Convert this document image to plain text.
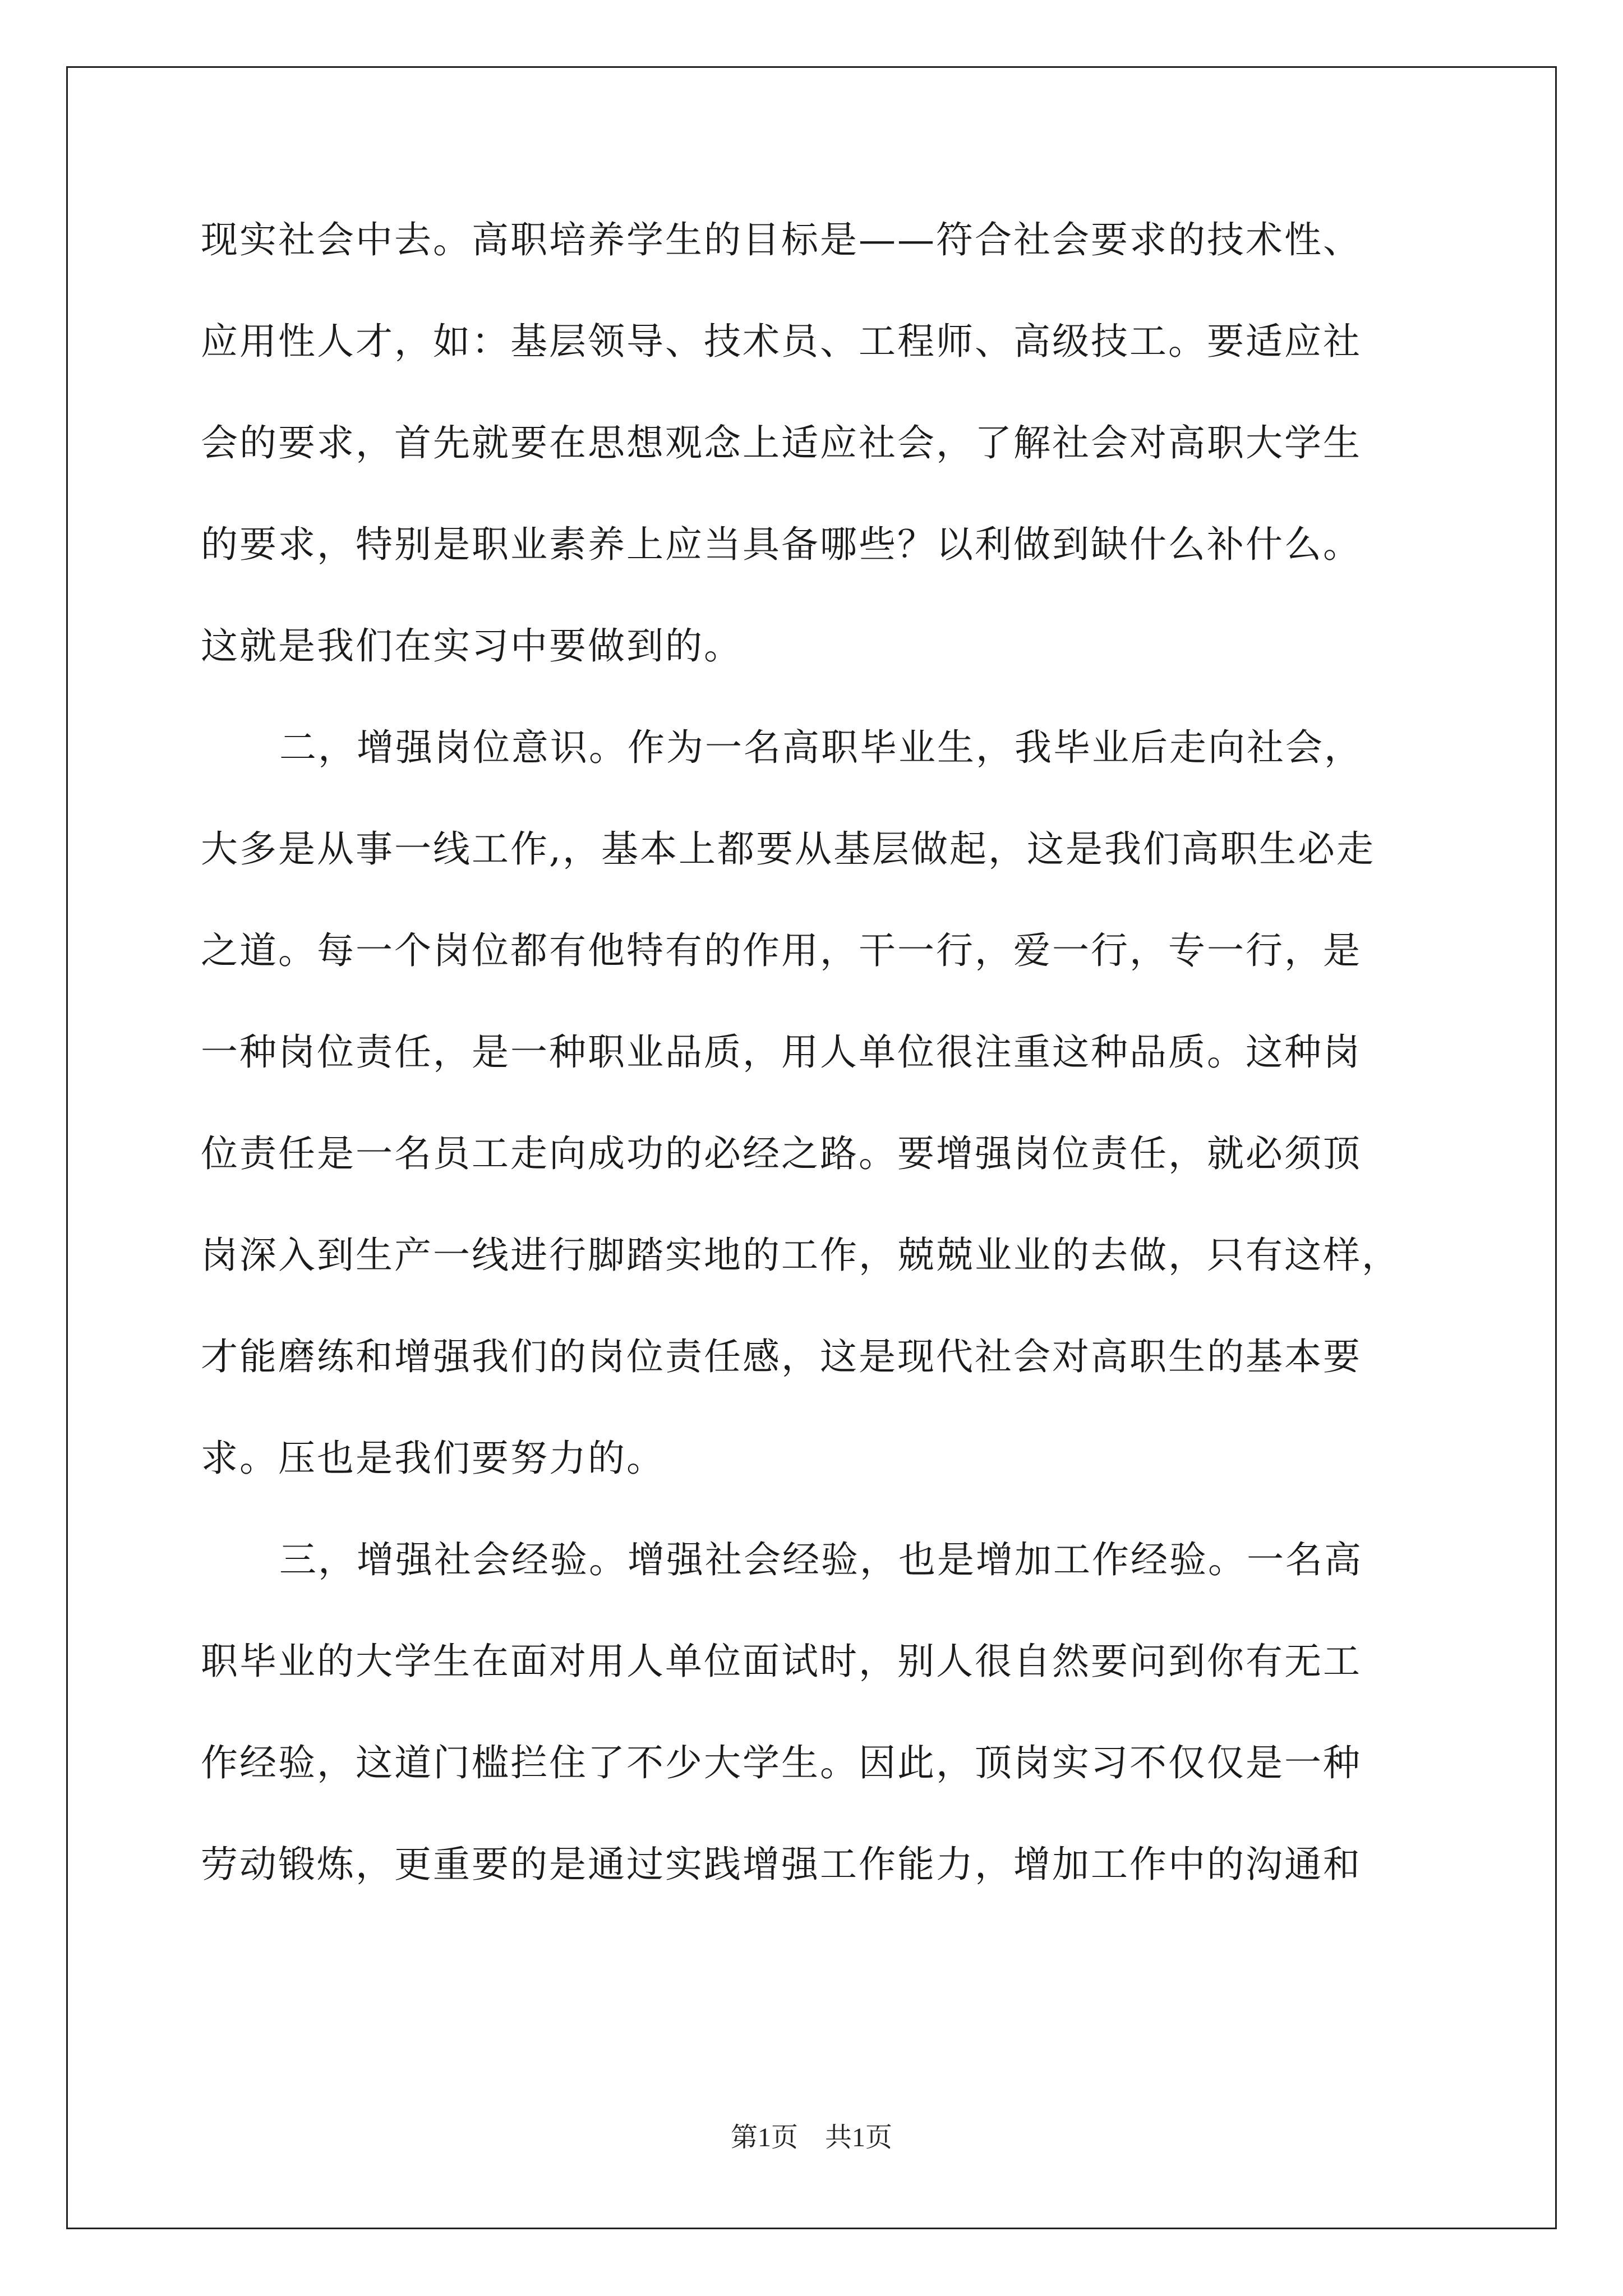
现实社会中去。高职培养学生的目标是——符合社会要求的技术性、
应用性人才，如：基层领导、技术员、工程师、高级技工。要适应社
会的要求，首先就要在思想观念上适应社会，了解社会对高职大学生
的要求，特别是职业素养上应当具备哪些？以利做到缺什么补什么。
这就是我们在实习中要做到的。
二，增强岗位意识。作为一名高职毕业生，我毕业后走向社会，
大多是从事一线工作,，基本上都要从基层做起，这是我们高职生必走
之道。每一个岗位都有他特有的作用，干一行，爱一行，专一行，是
一种岗位责任，是一种职业品质，用人单位很注重这种品质。这种岗
位责任是一名员工走向成功的必经之路。要增强岗位责任，就必须顶
岗深入到生产一线进行脚踏实地的工作，兢兢业业的去做，只有这样，
才能磨练和增强我们的岗位责任感，这是现代社会对高职生的基本要
求。压也是我们要努力的。
三，增强社会经验。增强社会经验，也是增加工作经验。一名高
职毕业的大学生在面对用人单位面试时，别人很自然要问到你有无工
作经验，这道门槛拦住了不少大学生。因此，顶岗实习不仅仅是一种
劳动锻炼，更重要的是通过实践增强工作能力，增加工作中的沟通和
第1页 共1页
